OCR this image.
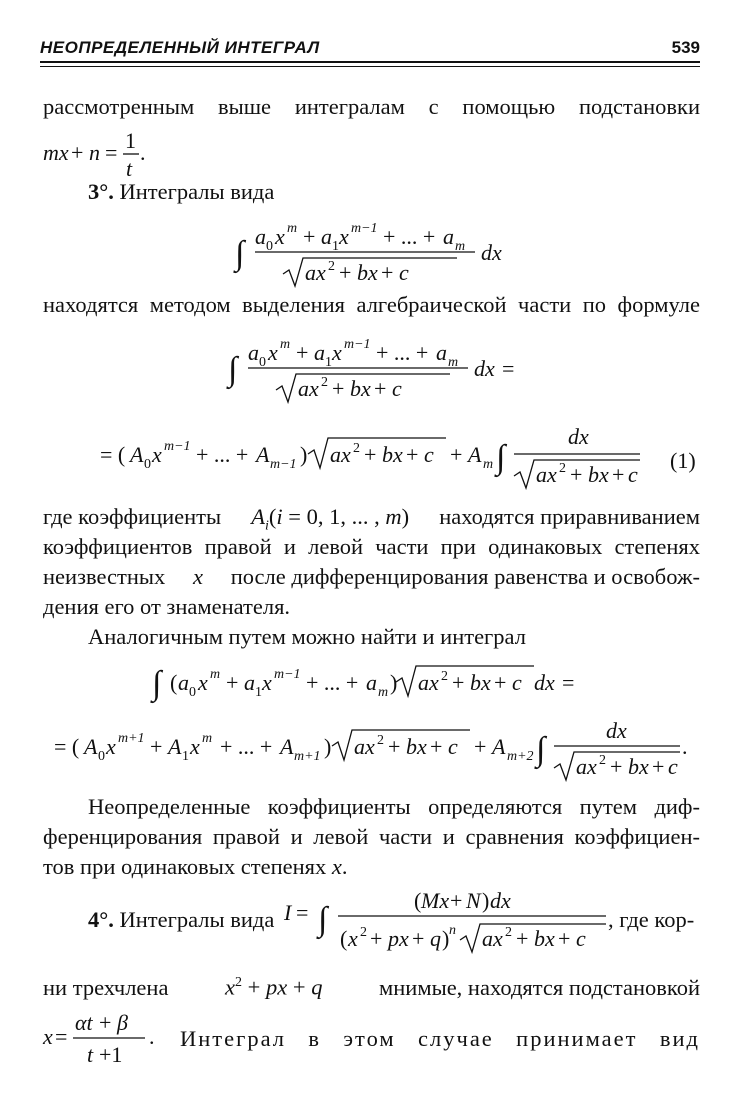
НЕОПРЕДЕЛЕННЫЙ ИНТЕГРАЛ	539
рассмотренным выше интегралам с помощью подстановки
mx + n = 1
t
.
3°. Интегралы вида
∫ a 0 x m + a 1 x m−1 + ... + a m
ax 2 + bx + c
dx
находятся методом выделения алгебраической части по формуле
∫ a 0 x m + a 1 x m−1 + ... + a m
ax 2 + bx + c
dx =
= ( A 0 x m−1 + ... + A m−1 ) ax 2 + bx + c + A m ∫
dx
ax 2 + bx + c
(1)
где коэффициенты $A_i(i = 0$, 1, ... , m) находятся приравниванием
коэффициентов правой и левой части при одинаковых степенях
неизвестных x после дифференцирования равенства и освобож-
дения его от знаменателя.
Аналогичным путем можно найти и интеграл
∫ ( a 0 x m + a 1 x m−1 + ... + a m ) ax 2 + bx + c dx =
= ( A 0 x m+1 + A 1 x m + ... + A m+1 ) ax 2 + bx + c + A m+2 ∫
dx
ax 2 + bx + c
.
Неопределенные коэффициенты определяются путем диф-
ференцирования правой и левой части и сравнения коэффициен-
тов при одинаковых степенях x.
4°. Интегралы вида I = ∫
( Mx + N ) dx
( x 2 + px + q ) n ax 2 + bx + c
, где кор-
ни трехчлена	$x^2$ + px + q	мнимые, находятся подстановкой
x =
αt + β
t +1
. Интеграл в этом случае принимает вид
